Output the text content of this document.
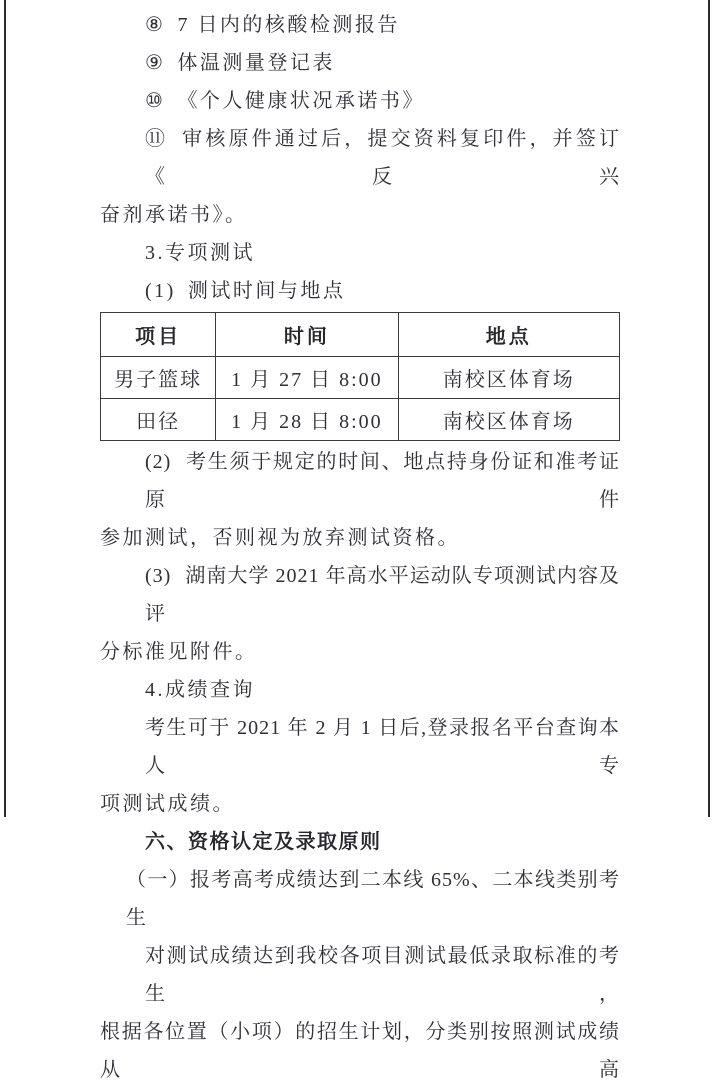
⑧ 7 日内的核酸检测报告
⑨ 体温测量登记表
⑩ 《个人健康状况承诺书》
⑪ 审核原件通过后，提交资料复印件，并签订《反兴
奋剂承诺书》。
3.专项测试
(1) 测试时间与地点
项目	时间	地点
男子篮球	1 月 27 日 8:00	南校区体育场
田径	1 月 28 日 8:00	南校区体育场
(2) 考生须于规定的时间、地点持身份证和准考证原件
参加测试，否则视为放弃测试资格。
(3) 湖南大学 2021 年高水平运动队专项测试内容及评
分标准见附件。
4.成绩查询
考生可于 2021 年 2 月 1 日后,登录报名平台查询本人专
项测试成绩。
六、资格认定及录取原则
（一）报考高考成绩达到二本线 65%、二本线类别考生
对测试成绩达到我校各项目测试最低录取标准的考生，
根据各位置（小项）的招生计划，分类别按照测试成绩从高
